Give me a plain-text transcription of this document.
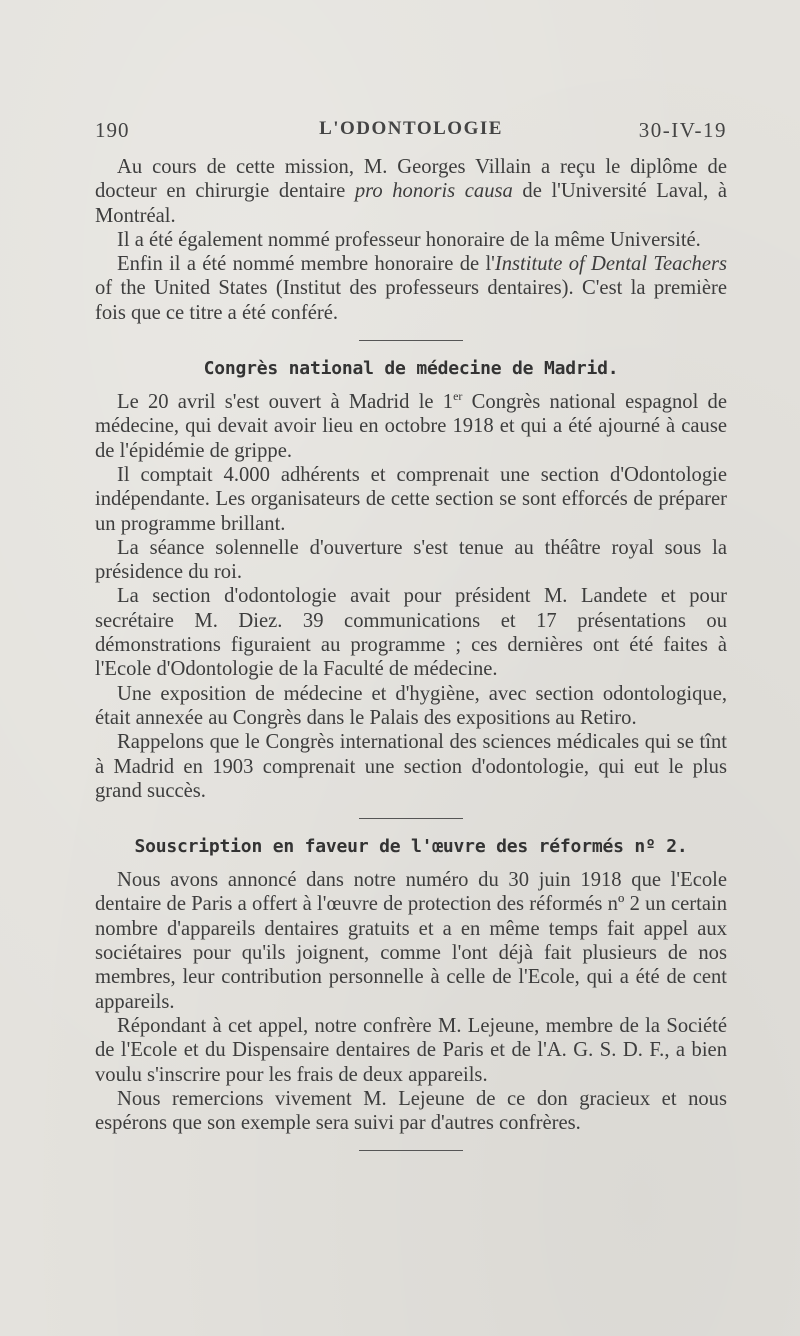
190	L'ODONTOLOGIE	30-IV-19

Au cours de cette mission, M. Georges Villain a reçu le diplôme de docteur en chirurgie dentaire pro honoris causa de l'Université Laval, à Montréal.

Il a été également nommé professeur honoraire de la même Université.

Enfin il a été nommé membre honoraire de l'Institute of Dental Teachers of the United States (Institut des professeurs dentaires). C'est la première fois que ce titre a été conféré.

Congrès national de médecine de Madrid.

Le 20 avril s'est ouvert à Madrid le 1er Congrès national espagnol de médecine, qui devait avoir lieu en octobre 1918 et qui a été ajourné à cause de l'épidémie de grippe.

Il comptait 4.000 adhérents et comprenait une section d'Odontologie indépendante. Les organisateurs de cette section se sont efforcés de préparer un programme brillant.

La séance solennelle d'ouverture s'est tenue au théâtre royal sous la présidence du roi.

La section d'odontologie avait pour président M. Landete et pour secrétaire M. Diez. 39 communications et 17 présentations ou démonstrations figuraient au programme ; ces dernières ont été faites à l'Ecole d'Odontologie de la Faculté de médecine.

Une exposition de médecine et d'hygiène, avec section odontologique, était annexée au Congrès dans le Palais des expositions au Retiro.

Rappelons que le Congrès international des sciences médicales qui se tînt à Madrid en 1903 comprenait une section d'odontologie, qui eut le plus grand succès.

Souscription en faveur de l'œuvre des réformés nº 2.

Nous avons annoncé dans notre numéro du 30 juin 1918 que l'Ecole dentaire de Paris a offert à l'œuvre de protection des réformés nº 2 un certain nombre d'appareils dentaires gratuits et a en même temps fait appel aux sociétaires pour qu'ils joignent, comme l'ont déjà fait plusieurs de nos membres, leur contribution personnelle à celle de l'Ecole, qui a été de cent appareils.

Répondant à cet appel, notre confrère M. Lejeune, membre de la Société de l'Ecole et du Dispensaire dentaires de Paris et de l'A. G. S. D. F., a bien voulu s'inscrire pour les frais de deux appareils.

Nous remercions vivement M. Lejeune de ce don gracieux et nous espérons que son exemple sera suivi par d'autres confrères.
